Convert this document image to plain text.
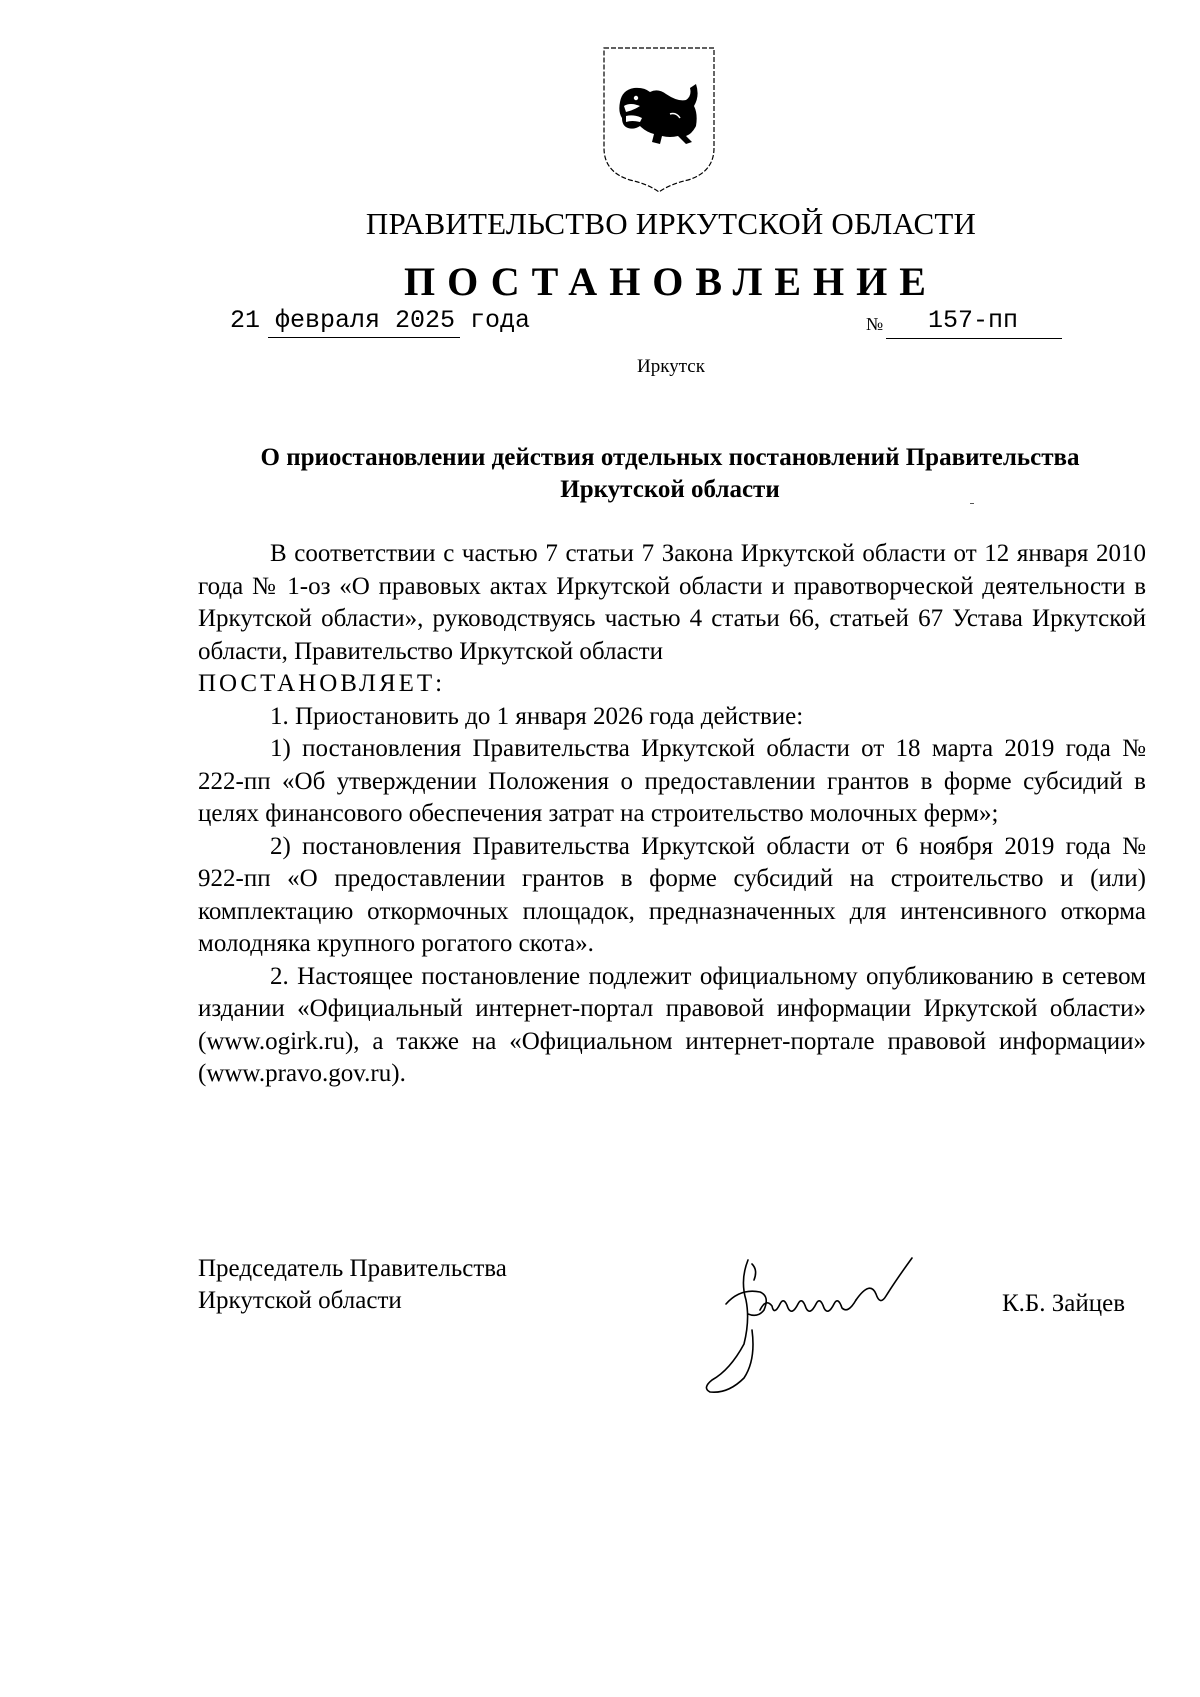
ПРАВИТЕЛЬСТВО ИРКУТСКОЙ ОБЛАСТИ
ПОСТАНОВЛЕНИЕ
21 февраля 2025 года	№ 157-пп
Иркутск
О приостановлении действия отдельных постановлений Правительства
Иркутской области

В соответствии с частью 7 статьи 7 Закона Иркутской области от 12 января 2010 года № 1-оз «О правовых актах Иркутской области и правотворческой деятельности в Иркутской области», руководствуясь частью 4 статьи 66, статьей 67 Устава Иркутской области, Правительство Иркутской области

ПОСТАНОВЛЯЕТ:

1. Приостановить до 1 января 2026 года действие:

1) постановления Правительства Иркутской области от 18 марта 2019 года № 222-пп «Об утверждении Положения о предоставлении грантов в форме субсидий в целях финансового обеспечения затрат на строительство молочных ферм»;

2) постановления Правительства Иркутской области от 6 ноября 2019 года № 922-пп «О предоставлении грантов в форме субсидий на строительство и (или) комплектацию откормочных площадок, предназначенных для интенсивного откорма молодняка крупного рогатого скота».

2. Настоящее постановление подлежит официальному опубликованию в сетевом издании «Официальный интернет-портал правовой информации Иркутской области» (www.ogirk.ru), а также на «Официальном интернет-портале правовой информации» (www.pravo.gov.ru).

Председатель Правительства
Иркутской области	К.Б. Зайцев
